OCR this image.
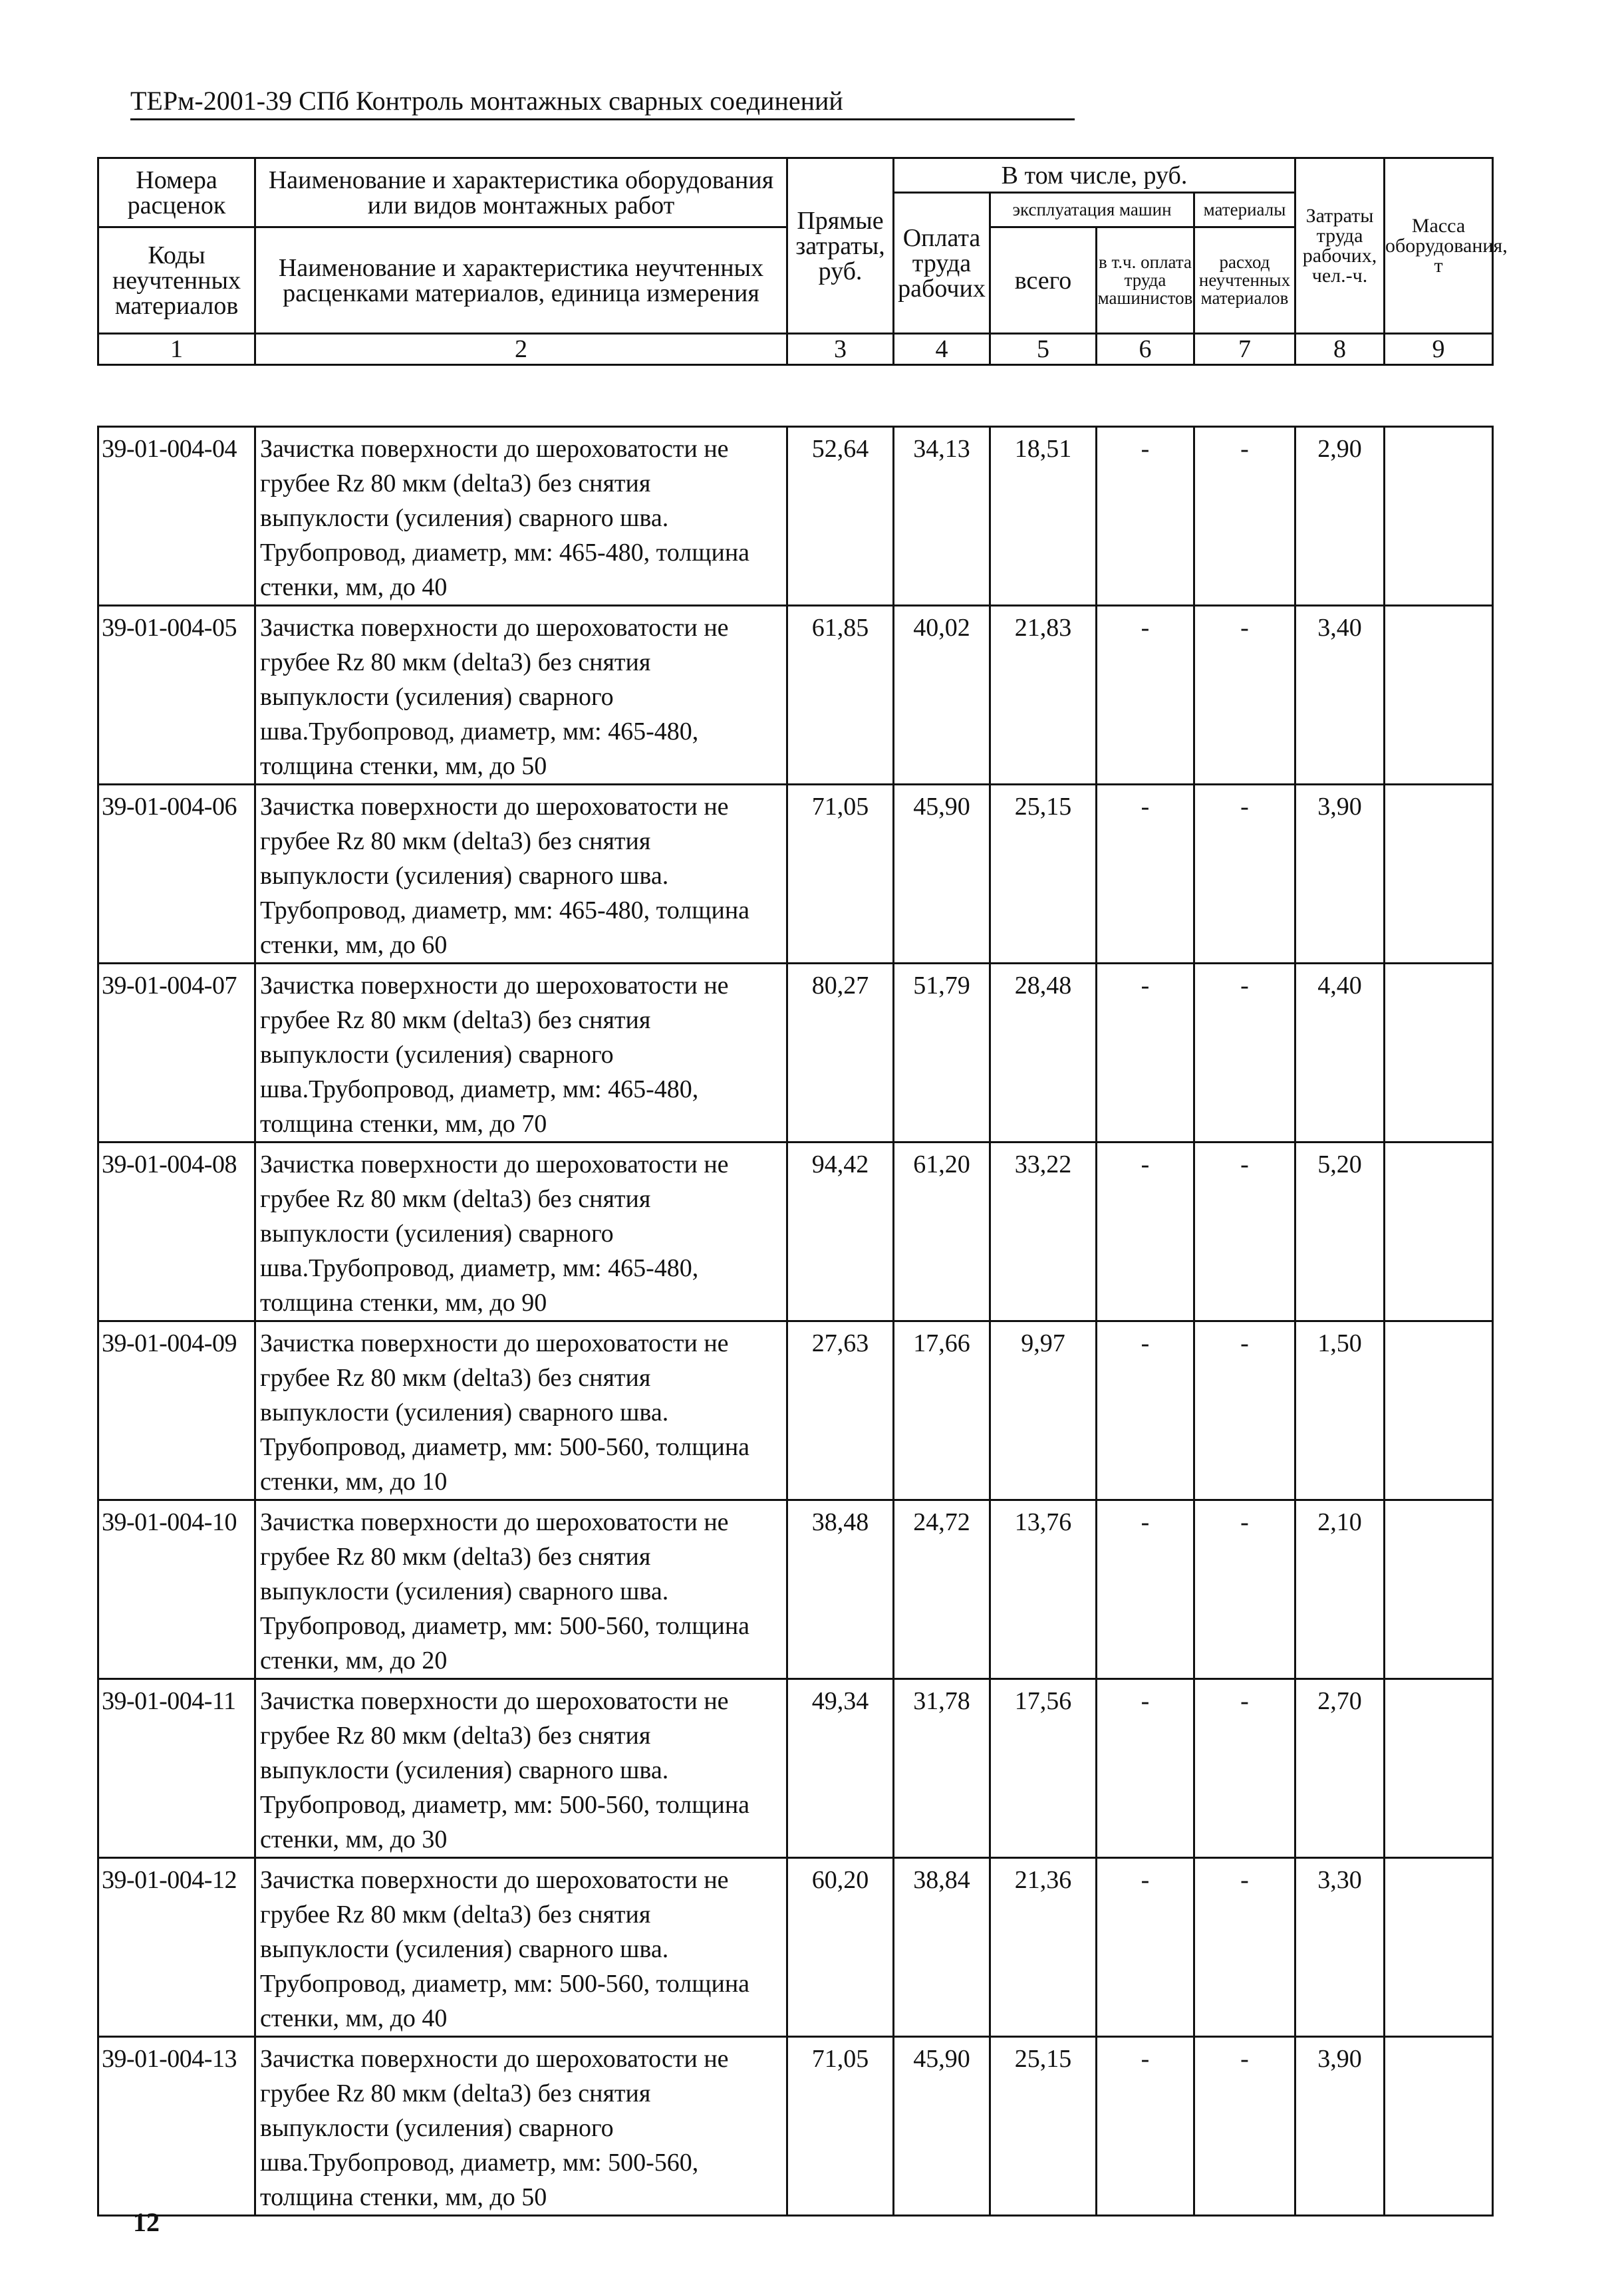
ТЕРм-2001-39 СПб Контроль монтажных сварных соединений
Номера расценок	Наименование и характеристика оборудования или видов монтажных работ	Прямые затраты, руб.	В том числе, руб.				Затраты труда рабочих, чел.-ч.	Масса оборудования, т
			Оплата труда рабочих	эксплуатация машин		материалы		
Коды неучтенных материалов	Наименование и характеристика неучтенных расценками материалов, единица измерения			всего	в т.ч. оплата труда машинистов	расход неучтенных материалов		

1	2	3	4	5	6	7	8	9
39-01-004-04	Зачистка поверхности до шероховатости не грубее Rz 80 мкм (delta3) без снятия выпуклости (усиления) сварного шва. Трубопровод, диаметр, мм: 465-480, толщина стенки, мм, до 40	52,64	34,13	18,51	-	-	2,90	
39-01-004-05	Зачистка поверхности до шероховатости не грубее Rz 80 мкм (delta3) без снятия выпуклости (усиления) сварного шва.Трубопровод, диаметр, мм: 465-480, толщина стенки, мм, до 50	61,85	40,02	21,83	-	-	3,40	
39-01-004-06	Зачистка поверхности до шероховатости не грубее Rz 80 мкм (delta3) без снятия выпуклости (усиления) сварного шва. Трубопровод, диаметр, мм: 465-480, толщина стенки, мм, до 60	71,05	45,90	25,15	-	-	3,90	
39-01-004-07	Зачистка поверхности до шероховатости не грубее Rz 80 мкм (delta3) без снятия выпуклости (усиления) сварного шва.Трубопровод, диаметр, мм: 465-480, толщина стенки, мм, до 70	80,27	51,79	28,48	-	-	4,40	
39-01-004-08	Зачистка поверхности до шероховатости не грубее Rz 80 мкм (delta3) без снятия выпуклости (усиления) сварного шва.Трубопровод, диаметр, мм: 465-480, толщина стенки, мм, до 90	94,42	61,20	33,22	-	-	5,20	
39-01-004-09	Зачистка поверхности до шероховатости не грубее Rz 80 мкм (delta3) без снятия выпуклости (усиления) сварного шва. Трубопровод, диаметр, мм: 500-560, толщина стенки, мм, до 10	27,63	17,66	9,97	-	-	1,50	
39-01-004-10	Зачистка поверхности до шероховатости не грубее Rz 80 мкм (delta3) без снятия выпуклости (усиления) сварного шва. Трубопровод, диаметр, мм: 500-560, толщина стенки, мм, до 20	38,48	24,72	13,76	-	-	2,10	
39-01-004-11	Зачистка поверхности до шероховатости не грубее Rz 80 мкм (delta3) без снятия выпуклости (усиления) сварного шва. Трубопровод, диаметр, мм: 500-560, толщина стенки, мм, до 30	49,34	31,78	17,56	-	-	2,70	
39-01-004-12	Зачистка поверхности до шероховатости не грубее Rz 80 мкм (delta3) без снятия выпуклости (усиления) сварного шва. Трубопровод, диаметр, мм: 500-560, толщина стенки, мм, до 40	60,20	38,84	21,36	-	-	3,30	
39-01-004-13	Зачистка поверхности до шероховатости не грубее Rz 80 мкм (delta3) без снятия выпуклости (усиления) сварного шва.Трубопровод, диаметр, мм: 500-560, толщина стенки, мм, до 50	71,05	45,90	25,15	-	-	3,90	
12
